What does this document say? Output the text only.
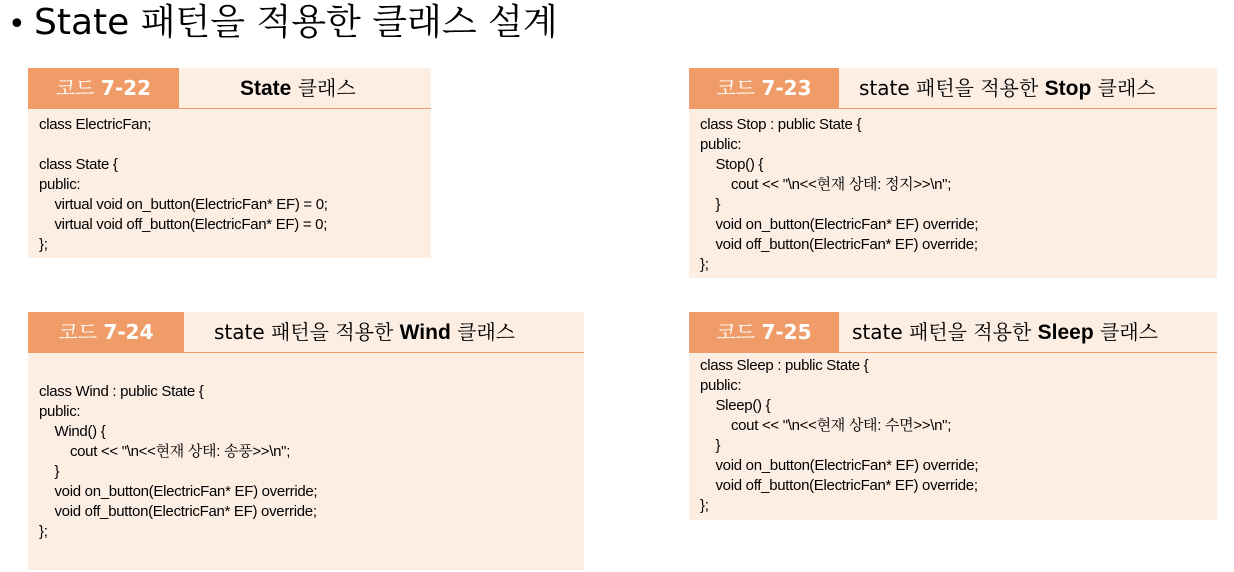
• State 패턴을 적용한 클래스 설계
코드 7-22	State 클래스
class ElectricFan;

class State {
public:
virtual void on_button(ElectricFan* EF) = 0;
virtual void off_button(ElectricFan* EF) = 0;
};
코드 7-23	state 패턴을 적용한 Stop 클래스
class Stop : public State {
public:
Stop() {
cout << "\n<<현재 상태: 정지>>\n";
}
void on_button(ElectricFan* EF) override;
void off_button(ElectricFan* EF) override;
};
코드 7-24	state 패턴을 적용한 Wind 클래스
class Wind : public State {
public:
Wind() {
cout << "\n<<현재 상태: 송풍>>\n";
}
void on_button(ElectricFan* EF) override;
void off_button(ElectricFan* EF) override;
};
코드 7-25	state 패턴을 적용한 Sleep 클래스
class Sleep : public State {
public:
Sleep() {
cout << "\n<<현재 상태: 수면>>\n";
}
void on_button(ElectricFan* EF) override;
void off_button(ElectricFan* EF) override;
};
